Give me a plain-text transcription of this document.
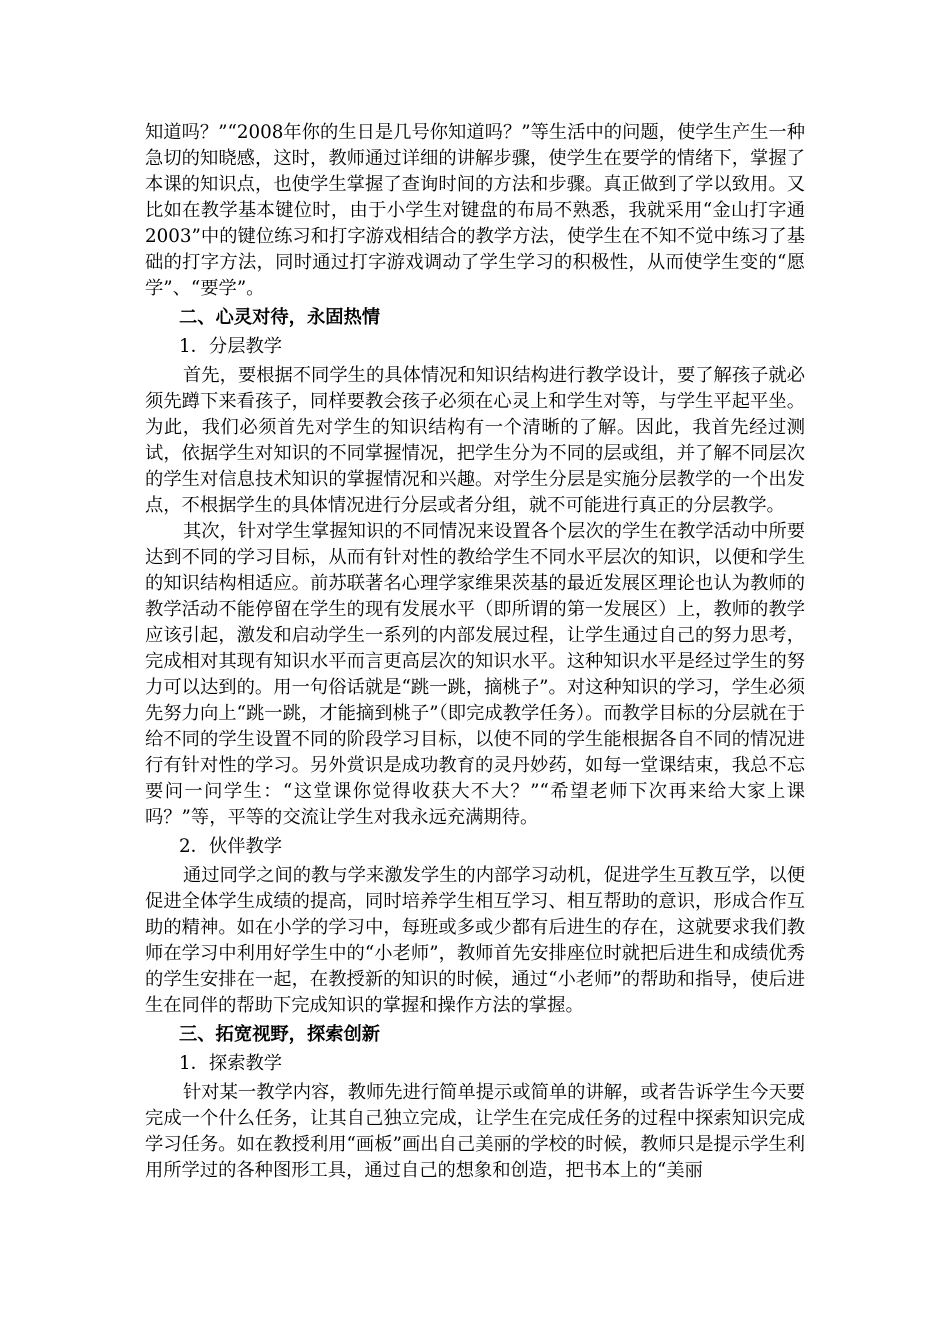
知道吗？”“2008年你的生日是几号你知道吗？”等生活中的问题，使学生产生一种急切的知晓感，这时，教师通过详细的讲解步骤，使学生在要学的情绪下，掌握了本课的知识点，也使学生掌握了查询时间的方法和步骤。真正做到了学以致用。又比如在教学基本键位时，由于小学生对键盘的布局不熟悉，我就采用“金山打字通2003”中的键位练习和打字游戏相结合的教学方法，使学生在不知不觉中练习了基础的打字方法，同时通过打字游戏调动了学生学习的积极性，从而使学生变的“愿学”、“要学”。

二、心灵对待，永固热情
1．分层教学

首先，要根据不同学生的具体情况和知识结构进行教学设计，要了解孩子就必须先蹲下来看孩子，同样要教会孩子必须在心灵上和学生对等，与学生平起平坐。为此，我们必须首先对学生的知识结构有一个清晰的了解。因此，我首先经过测试，依据学生对知识的不同掌握情况，把学生分为不同的层或组，并了解不同层次的学生对信息技术知识的掌握情况和兴趣。对学生分层是实施分层教学的一个出发点，不根据学生的具体情况进行分层或者分组，就不可能进行真正的分层教学。

其次，针对学生掌握知识的不同情况来设置各个层次的学生在教学活动中所要达到不同的学习目标，从而有针对性的教给学生不同水平层次的知识，以便和学生的知识结构相适应。前苏联著名心理学家维果茨基的最近发展区理论也认为教师的教学活动不能停留在学生的现有发展水平（即所谓的第一发展区）上，教师的教学应该引起，激发和启动学生一系列的内部发展过程，让学生通过自己的努力思考，完成相对其现有知识水平而言更高层次的知识水平。这种知识水平是经过学生的努力可以达到的。用一句俗话就是“跳一跳，摘桃子”。对这种知识的学习，学生必须先努力向上“跳一跳，才能摘到桃子”（即完成教学任务）。而教学目标的分层就在于给不同的学生设置不同的阶段学习目标，以使不同的学生能根据各自不同的情况进行有针对性的学习。另外赏识是成功教育的灵丹妙药，如每一堂课结束，我总不忘要问一问学生：“这堂课你觉得收获大不大？”“希望老师下次再来给大家上课吗？”等，平等的交流让学生对我永远充满期待。

2．伙伴教学

通过同学之间的教与学来激发学生的内部学习动机，促进学生互教互学，以便促进全体学生成绩的提高，同时培养学生相互学习、相互帮助的意识，形成合作互助的精神。如在小学的学习中，每班或多或少都有后进生的存在，这就要求我们教师在学习中利用好学生中的“小老师”，教师首先安排座位时就把后进生和成绩优秀的学生安排在一起，在教授新的知识的时候，通过“小老师”的帮助和指导，使后进生在同伴的帮助下完成知识的掌握和操作方法的掌握。

三、拓宽视野，探索创新
1．探索教学

针对某一教学内容，教师先进行简单提示或简单的讲解，或者告诉学生今天要完成一个什么任务，让其自己独立完成，让学生在完成任务的过程中探索知识完成学习任务。如在教授利用“画板”画出自己美丽的学校的时候，教师只是提示学生利用所学过的各种图形工具，通过自己的想象和创造，把书本上的“美丽
